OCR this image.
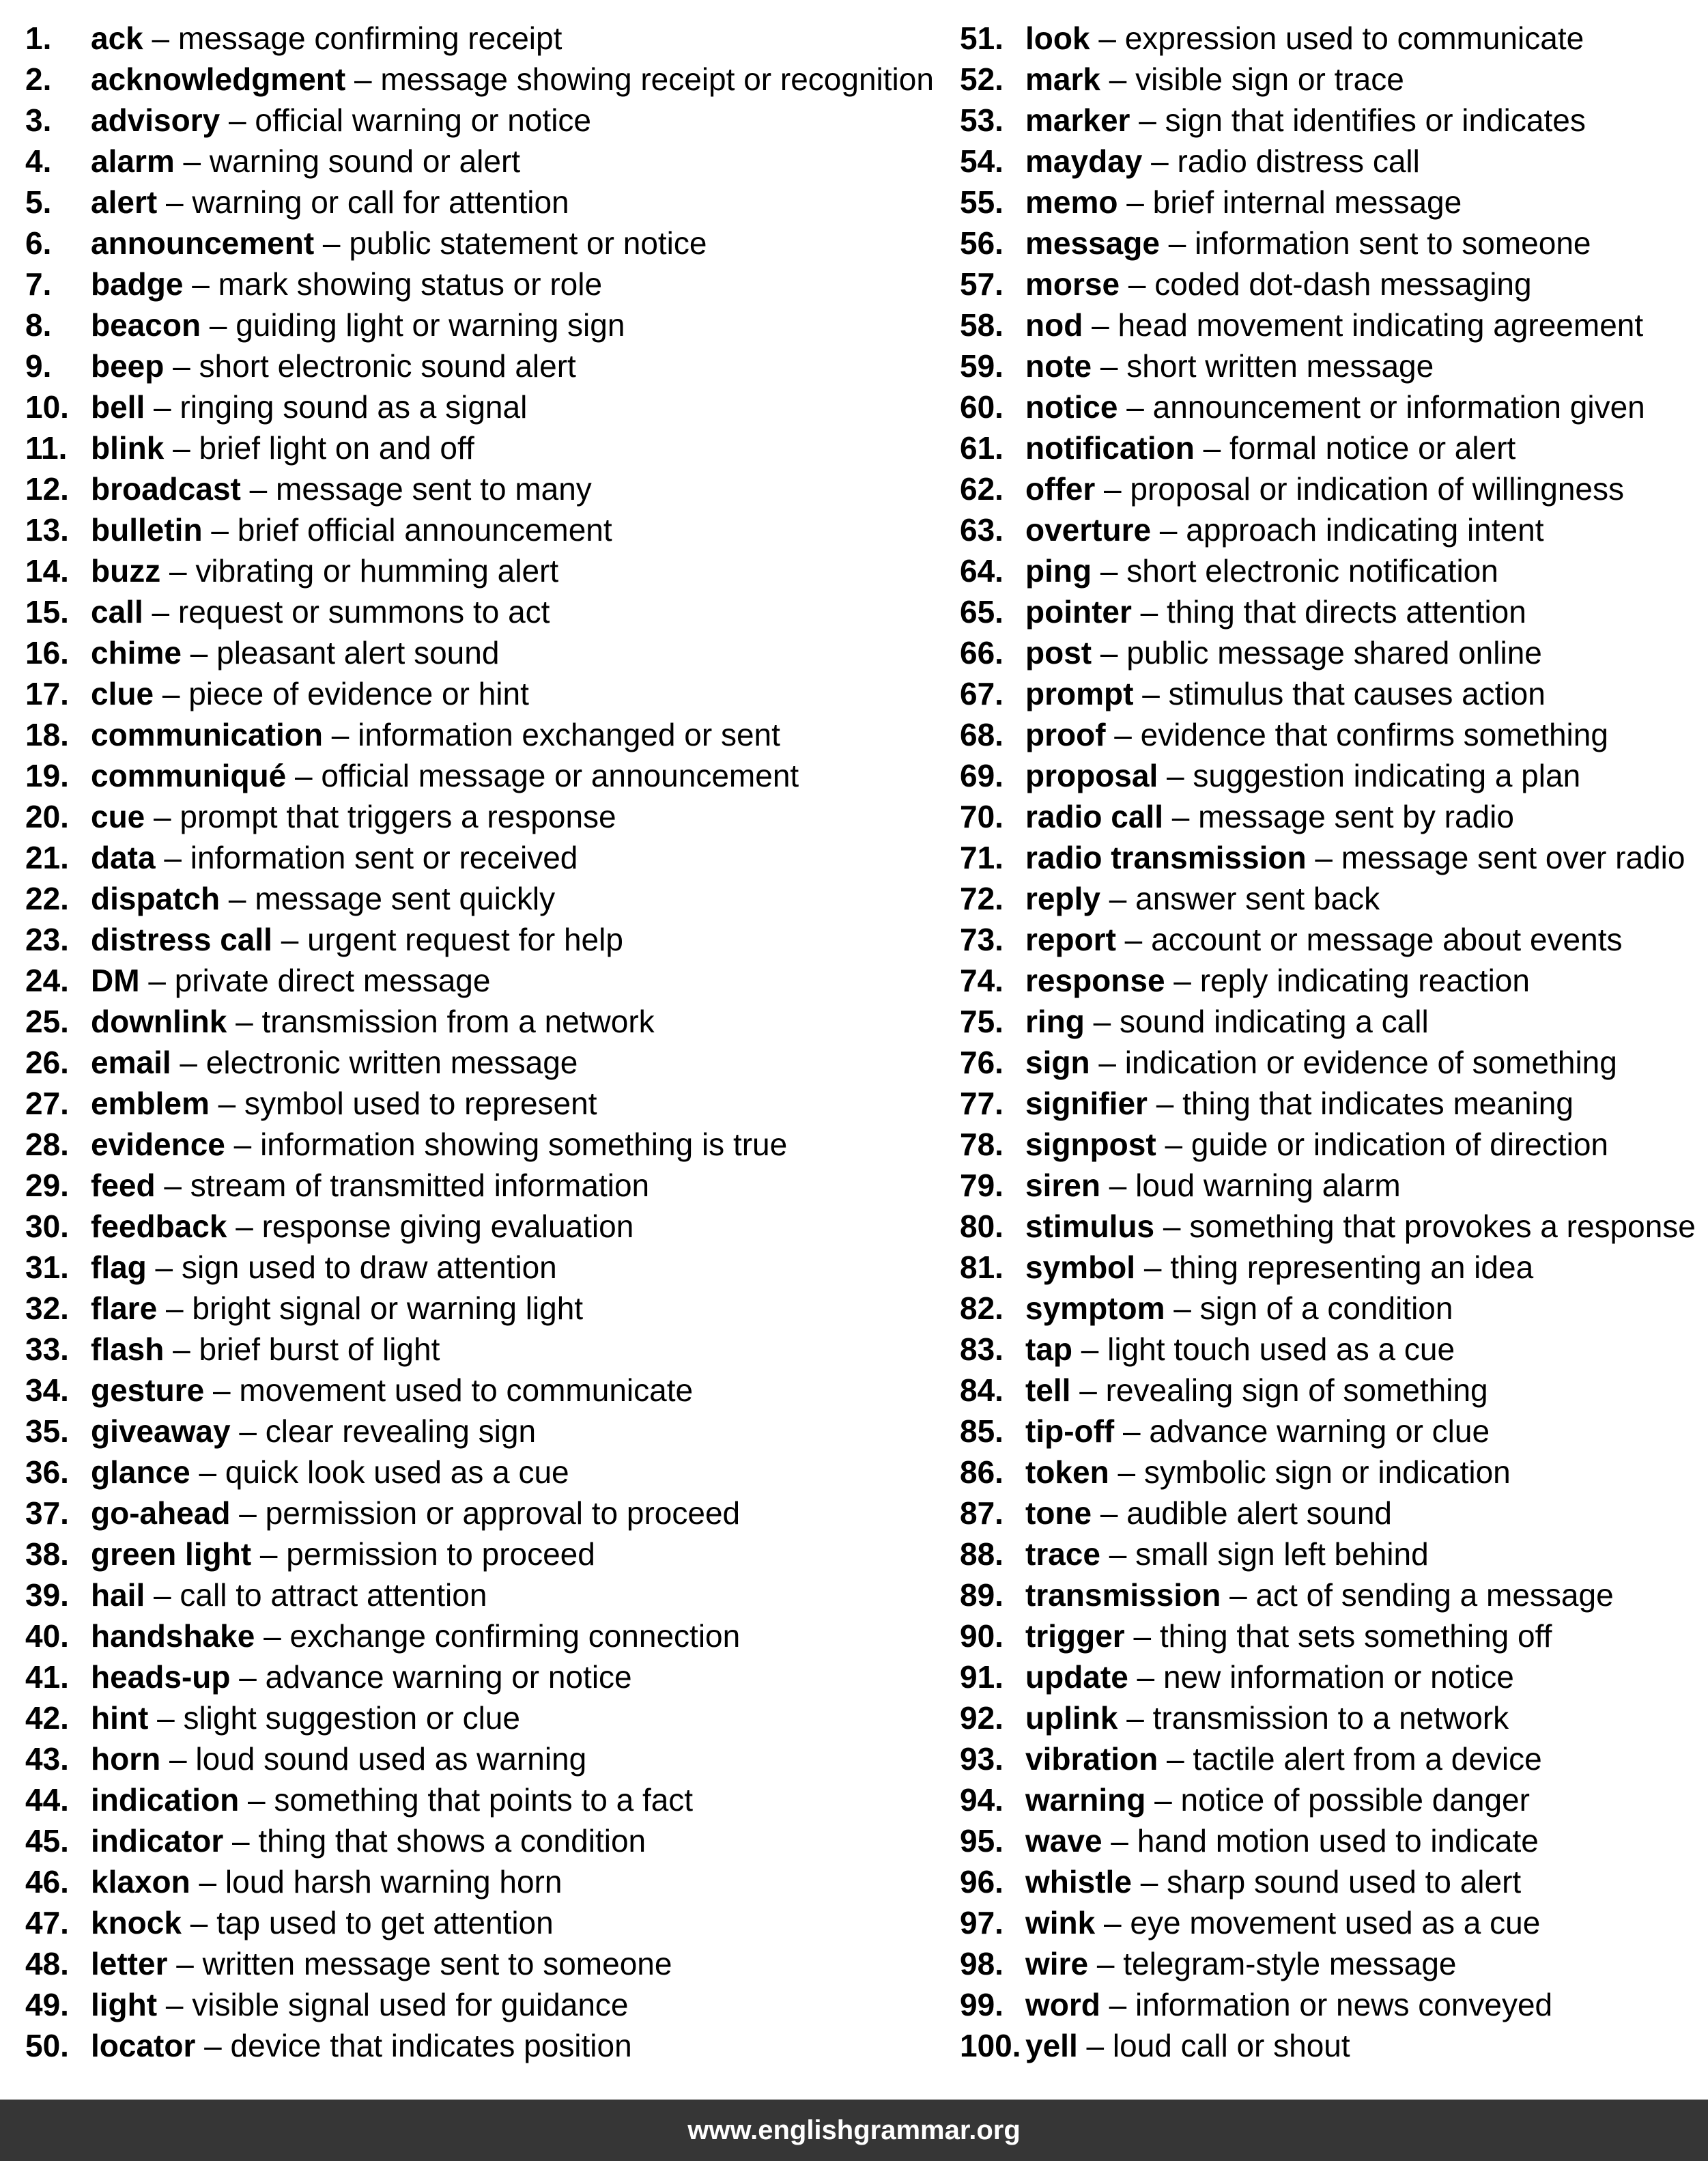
1.	ack – message confirming receipt
2.	acknowledgment – message showing receipt or recognition
3.	advisory – official warning or notice
4.	alarm – warning sound or alert
5.	alert – warning or call for attention
6.	announcement – public statement or notice
7.	badge – mark showing status or role
8.	beacon – guiding light or warning sign
9.	beep – short electronic sound alert
10. bell – ringing sound as a signal
11. blink – brief light on and off
12. broadcast – message sent to many
13. bulletin – brief official announcement
14. buzz – vibrating or humming alert
15. call – request or summons to act
16. chime – pleasant alert sound
17. clue – piece of evidence or hint
18. communication – information exchanged or sent
19. communiqué – official message or announcement
20. cue – prompt that triggers a response
21. data – information sent or received
22. dispatch – message sent quickly
23. distress call – urgent request for help
24. DM – private direct message
25. downlink – transmission from a network
26. email – electronic written message
27. emblem – symbol used to represent
28. evidence – information showing something is true
29. feed – stream of transmitted information
30. feedback – response giving evaluation
31. flag – sign used to draw attention
32. flare – bright signal or warning light
33. flash – brief burst of light
34. gesture – movement used to communicate
35. giveaway – clear revealing sign
36. glance – quick look used as a cue
37. go-ahead – permission or approval to proceed
38. green light – permission to proceed
39. hail – call to attract attention
40. handshake – exchange confirming connection
41. heads-up – advance warning or notice
42. hint – slight suggestion or clue
43. horn – loud sound used as warning
44. indication – something that points to a fact
45. indicator – thing that shows a condition
46. klaxon – loud harsh warning horn
47. knock – tap used to get attention
48. letter – written message sent to someone
49. light – visible signal used for guidance
50. locator – device that indicates position
51. look – expression used to communicate
52. mark – visible sign or trace
53. marker – sign that identifies or indicates
54. mayday – radio distress call
55. memo – brief internal message
56. message – information sent to someone
57. morse – coded dot-dash messaging
58. nod – head movement indicating agreement
59. note – short written message
60. notice – announcement or information given
61. notification – formal notice or alert
62. offer – proposal or indication of willingness
63. overture – approach indicating intent
64. ping – short electronic notification
65. pointer – thing that directs attention
66. post – public message shared online
67. prompt – stimulus that causes action
68. proof – evidence that confirms something
69. proposal – suggestion indicating a plan
70. radio call – message sent by radio
71. radio transmission – message sent over radio
72. reply – answer sent back
73. report – account or message about events
74. response – reply indicating reaction
75. ring – sound indicating a call
76. sign – indication or evidence of something
77. signifier – thing that indicates meaning
78. signpost – guide or indication of direction
79. siren – loud warning alarm
80. stimulus – something that provokes a response
81. symbol – thing representing an idea
82. symptom – sign of a condition
83. tap – light touch used as a cue
84. tell – revealing sign of something
85. tip-off – advance warning or clue
86. token – symbolic sign or indication
87. tone – audible alert sound
88. trace – small sign left behind
89. transmission – act of sending a message
90. trigger – thing that sets something off
91. update – new information or notice
92. uplink – transmission to a network
93. vibration – tactile alert from a device
94. warning – notice of possible danger
95. wave – hand motion used to indicate
96. whistle – sharp sound used to alert
97. wink – eye movement used as a cue
98. wire – telegram-style message
99. word – information or news conveyed
100. yell – loud call or shout
www.englishgrammar.org
